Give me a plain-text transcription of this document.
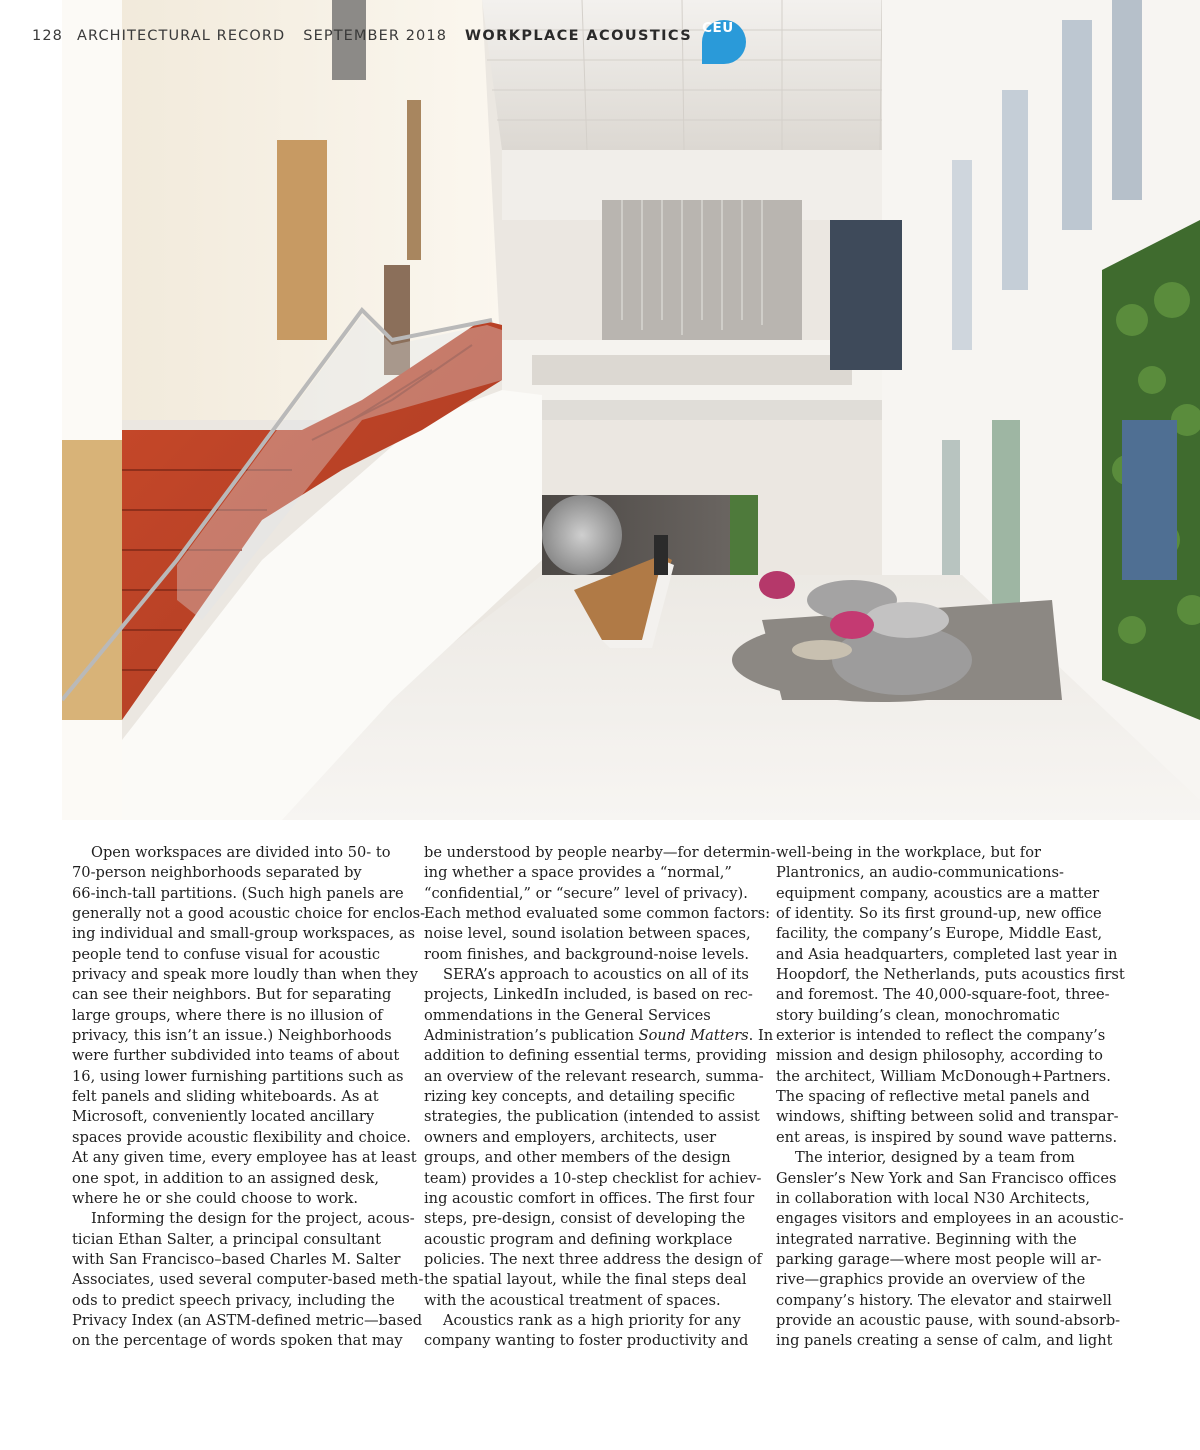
128 ARCHITECTURAL RECORD SEPTEMBER 2018 WORKPLACE ACOUSTICS CEU
Open workspaces are divided into 50- to
70-person neighborhoods separated by
66-inch-tall partitions. (Such high panels are
generally not a good acoustic choice for enclos-
ing individual and small-group workspaces, as
people tend to confuse visual for acoustic
privacy and speak more loudly than when they
can see their neighbors. But for separating
large groups, where there is no illusion of
privacy, this isn’t an issue.) Neighborhoods
were further subdivided into teams of about
16, using lower furnishing partitions such as
felt panels and sliding whiteboards. As at
Microsoft, conveniently located ancillary
spaces provide acoustic flexibility and choice.
At any given time, every employee has at least
one spot, in addition to an assigned desk,
where he or she could choose to work.
Informing the design for the project, acous-
tician Ethan Salter, a principal consultant
with San Francisco–based Charles M. Salter
Associates, used several computer-based meth-
ods to predict speech privacy, including the
Privacy Index (an ASTM-defined metric—based
on the percentage of words spoken that may
be understood by people nearby—for determin-
ing whether a space provides a “normal,”
“confidential,” or “secure” level of privacy).
Each method evaluated some common factors:
noise level, sound isolation between spaces,
room finishes, and background-noise levels.
SERA’s approach to acoustics on all of its
projects, LinkedIn included, is based on rec-
ommendations in the General Services
Administration’s publication Sound Matters. In
addition to defining essential terms, providing
an overview of the relevant research, summa-
rizing key concepts, and detailing specific
strategies, the publication (intended to assist
owners and employers, architects, user
groups, and other members of the design
team) provides a 10-step checklist for achiev-
ing acoustic comfort in offices. The first four
steps, pre-design, consist of developing the
acoustic program and defining workplace
policies. The next three address the design of
the spatial layout, while the final steps deal
with the acoustical treatment of spaces.
Acoustics rank as a high priority for any
company wanting to foster productivity and
well-being in the workplace, but for
Plantronics, an audio-communications-
equipment company, acoustics are a matter
of identity. So its first ground-up, new office
facility, the company’s Europe, Middle East,
and Asia headquarters, completed last year in
Hoopdorf, the Netherlands, puts acoustics first
and foremost. The 40,000-square-foot, three-
story building’s clean, monochromatic
exterior is intended to reflect the company’s
mission and design philosophy, according to
the architect, William McDonough+Partners.
The spacing of reflective metal panels and
windows, shifting between solid and transpar-
ent areas, is inspired by sound wave patterns.
The interior, designed by a team from
Gensler’s New York and San Francisco offices
in collaboration with local N30 Architects,
engages visitors and employees in an acoustic-
integrated narrative. Beginning with the
parking garage—where most people will ar-
rive—graphics provide an overview of the
company’s history. The elevator and stairwell
provide an acoustic pause, with sound-absorb-
ing panels creating a sense of calm, and light
